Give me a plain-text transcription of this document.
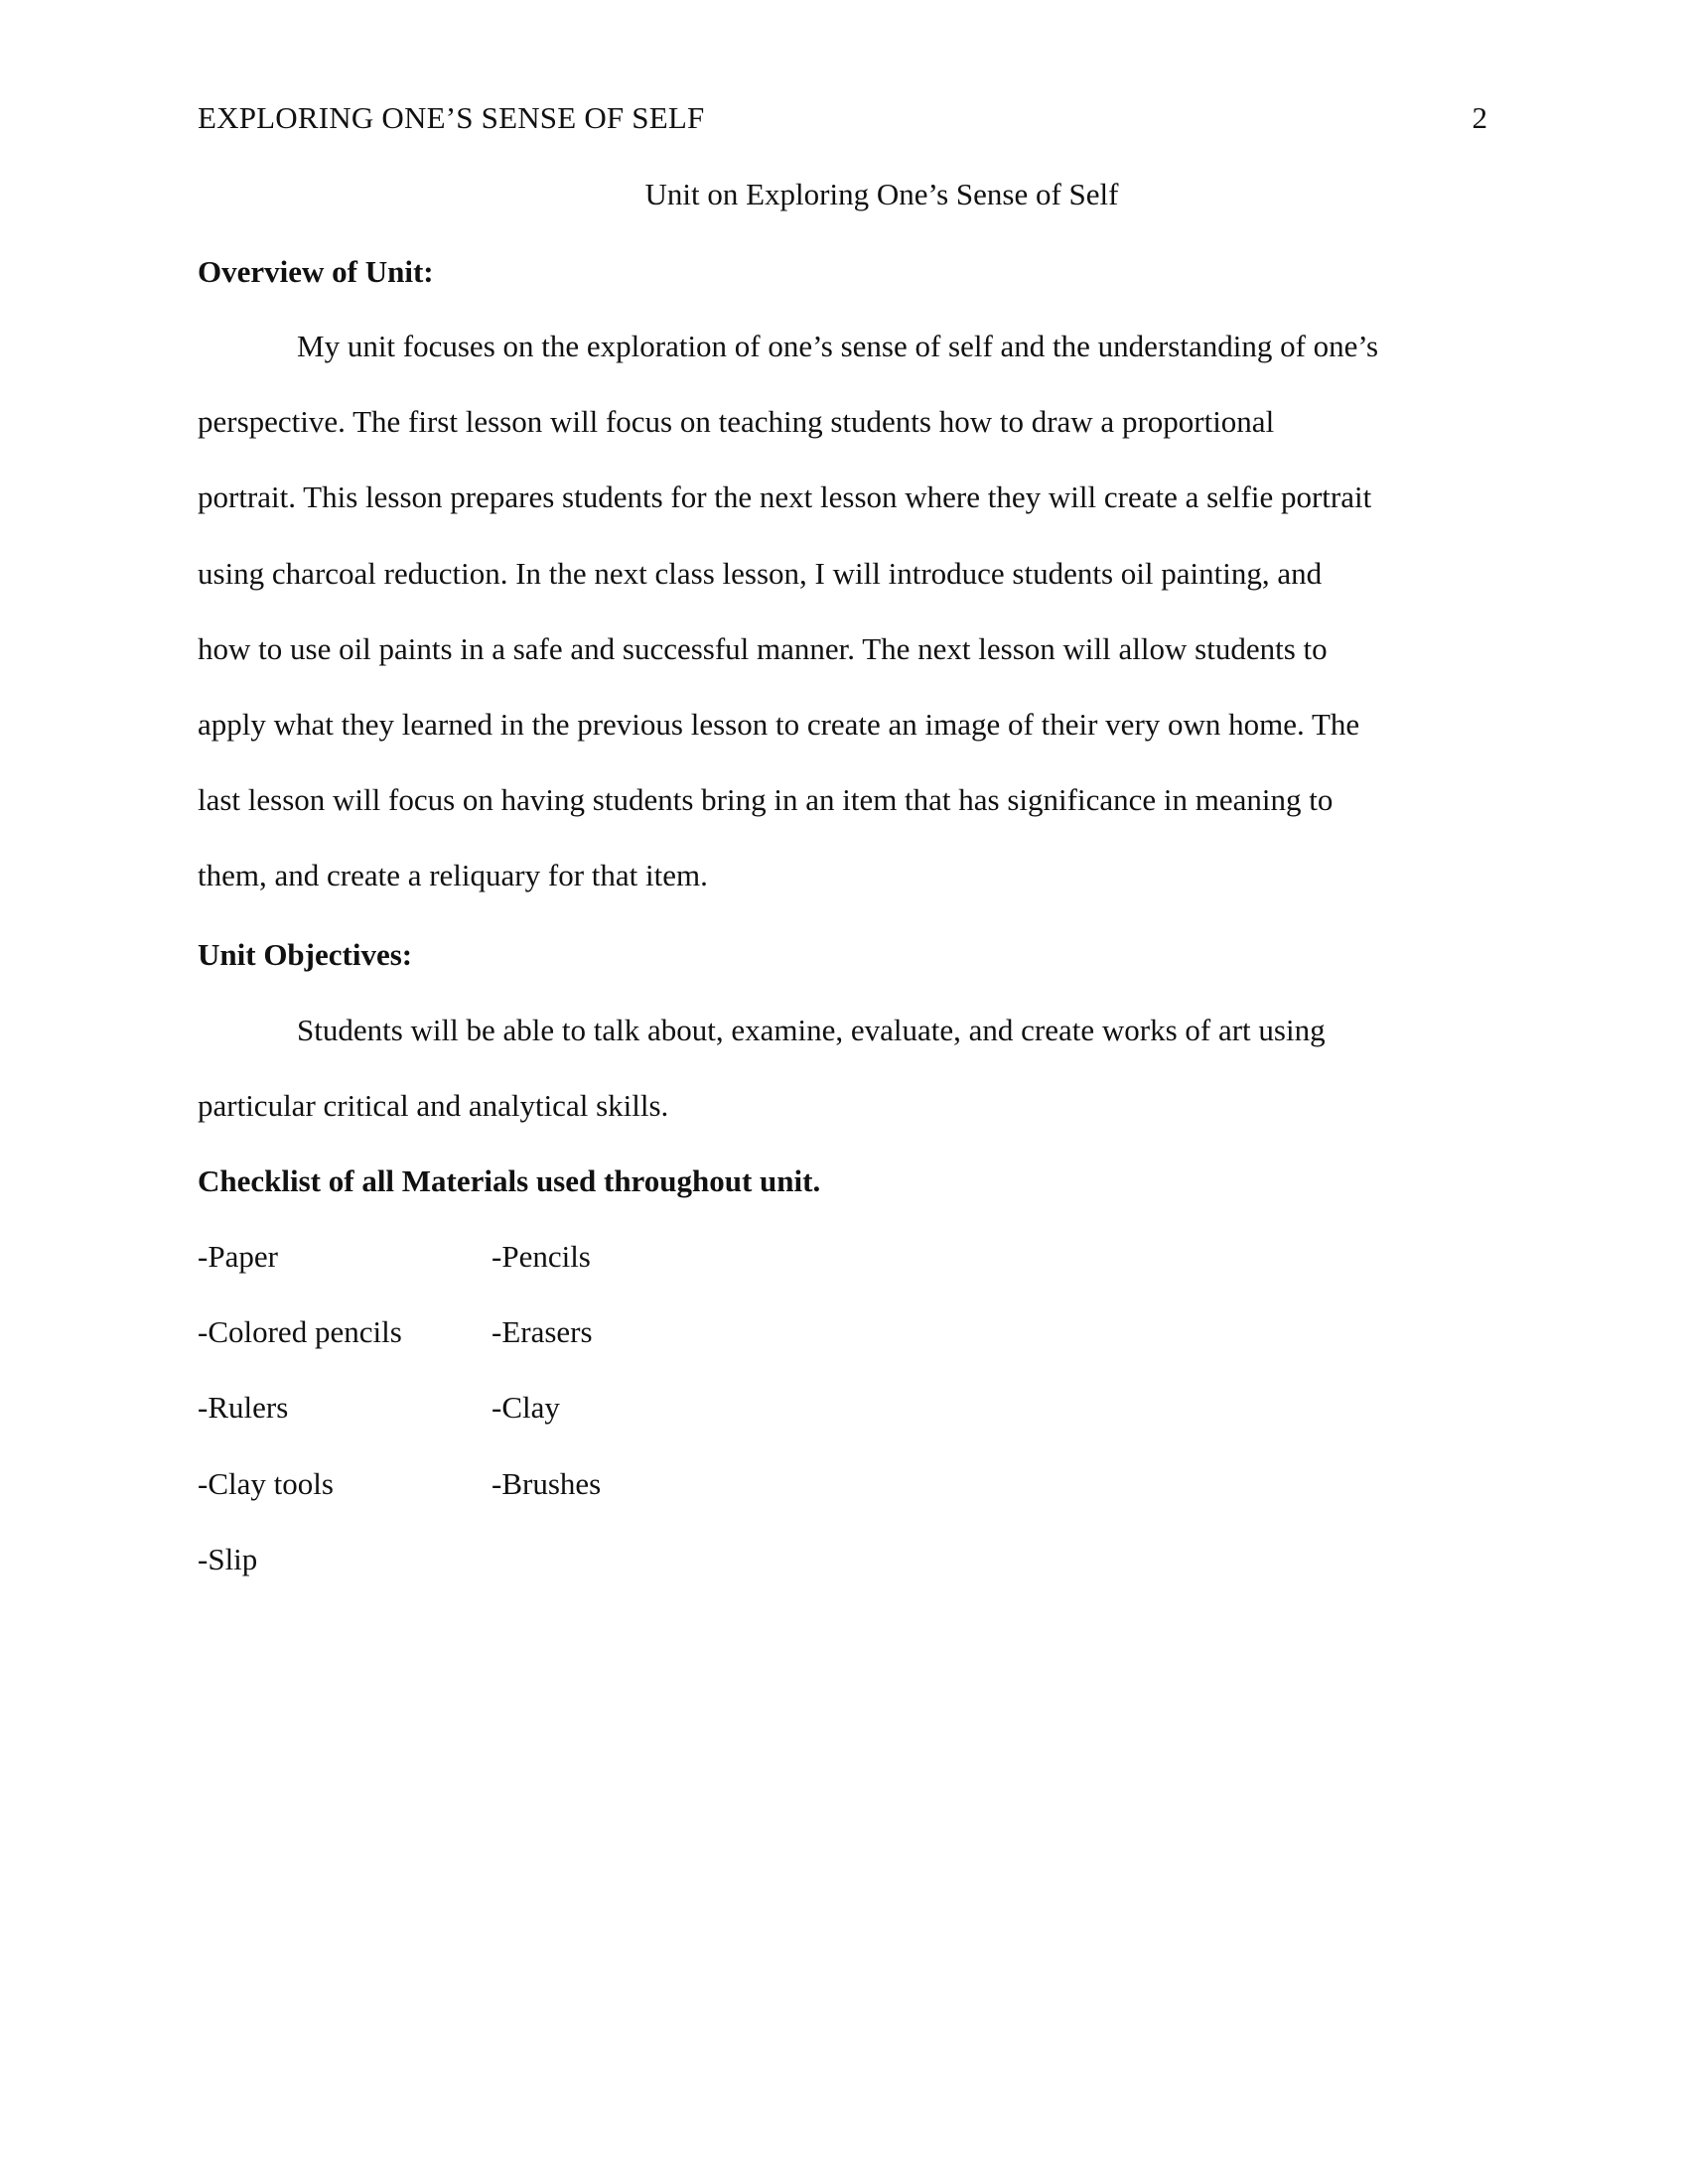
EXPLORING ONE’S SENSE OF SELF	2
Unit on Exploring One’s Sense of Self
Overview of Unit:

My unit focuses on the exploration of one’s sense of self and the understanding of one’s
perspective. The first lesson will focus on teaching students how to draw a proportional
portrait. This lesson prepares students for the next lesson where they will create a selfie portrait
using charcoal reduction. In the next class lesson, I will introduce students oil painting, and
how to use oil paints in a safe and successful manner. The next lesson will allow students to
apply what they learned in the previous lesson to create an image of their very own home. The
last lesson will focus on having students bring in an item that has significance in meaning to
them, and create a reliquary for that item.

Unit Objectives:

Students will be able to talk about, examine, evaluate, and create works of art using
particular critical and analytical skills.

Checklist of all Materials used throughout unit.
-Paper	-Pencils
-Colored pencils	-Erasers
-Rulers	-Clay
-Clay tools	-Brushes
-Slip
